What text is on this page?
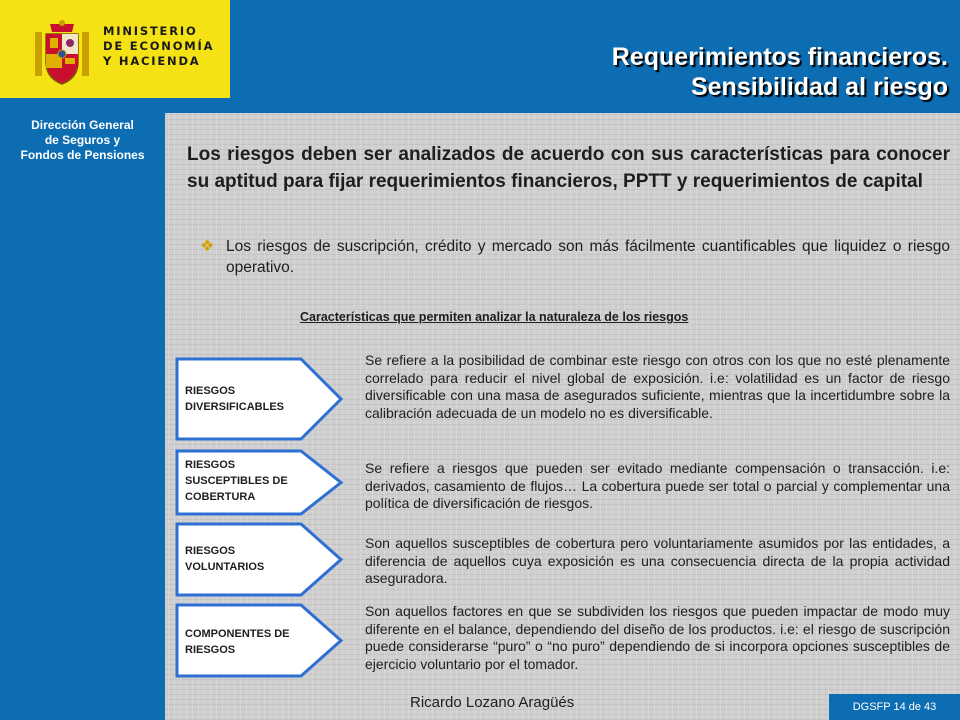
MINISTERIO
DE ECONOMÍA
Y HACIENDA
Dirección General
de Seguros y
Fondos de Pensiones
Requerimientos financieros.
Sensibilidad al riesgo
Los riesgos deben ser analizados de acuerdo con sus características para conocer su aptitud para fijar requerimientos financieros, PPTT y requerimientos de capital
❖ Los riesgos de suscripción, crédito y mercado son más fácilmente cuantificables que liquidez o riesgo operativo.
Características que permiten analizar la naturaleza de los riesgos
RIESGOS
DIVERSIFICABLES
Se refiere a la posibilidad de combinar este riesgo con otros con los que no esté plenamente correlado para reducir el nivel global de exposición. i.e: volatilidad es un factor de riesgo diversificable con una masa de asegurados suficiente, mientras que la incertidumbre sobre la calibración adecuada de un modelo no es diversificable.
RIESGOS
SUSCEPTIBLES DE
COBERTURA
Se refiere a riesgos que pueden ser evitado mediante compensación o transacción. i.e: derivados, casamiento de flujos… La cobertura puede ser total o parcial y complementar una política de diversificación de riesgos.
RIESGOS
VOLUNTARIOS
Son aquellos susceptibles de cobertura pero voluntariamente asumidos por las entidades, a diferencia de aquellos cuya exposición es una consecuencia directa de la propia actividad aseguradora.
COMPONENTES DE
RIESGOS
Son aquellos factores en que se subdividen los riesgos que pueden impactar de modo muy diferente en el balance, dependiendo del diseño de los productos. i.e: el riesgo de suscripción puede considerarse “puro” o “no puro” dependiendo de si incorpora opciones susceptibles de ejercicio voluntario por el tomador.
Ricardo Lozano Aragüés	DGSFP 14 de 43
